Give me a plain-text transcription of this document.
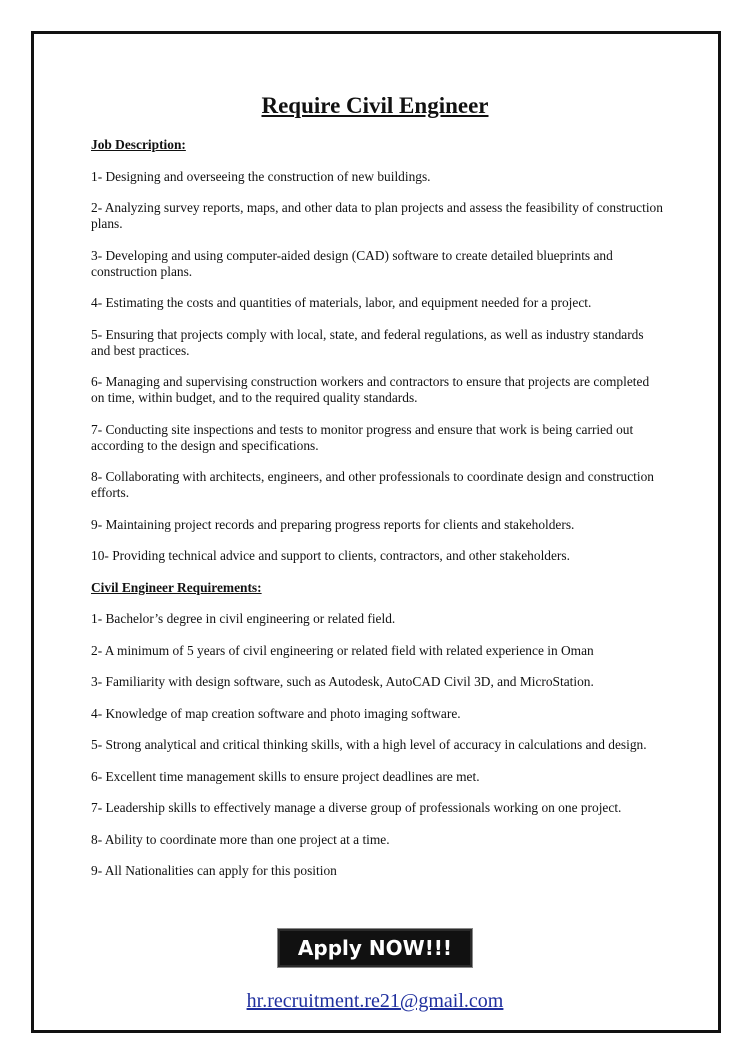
Require Civil Engineer

Job Description:

1- Designing and overseeing the construction of new buildings.
2- Analyzing survey reports, maps, and other data to plan projects and assess the feasibility of construction plans.
3- Developing and using computer-aided design (CAD) software to create detailed blueprints and construction plans.
4- Estimating the costs and quantities of materials, labor, and equipment needed for a project.
5- Ensuring that projects comply with local, state, and federal regulations, as well as industry standards and best practices.
6- Managing and supervising construction workers and contractors to ensure that projects are completed on time, within budget, and to the required quality standards.
7- Conducting site inspections and tests to monitor progress and ensure that work is being carried out according to the design and specifications.
8- Collaborating with architects, engineers, and other professionals to coordinate design and construction efforts.
9- Maintaining project records and preparing progress reports for clients and stakeholders.
10- Providing technical advice and support to clients, contractors, and other stakeholders.

Civil Engineer Requirements:

1- Bachelor’s degree in civil engineering or related field.
2- A minimum of 5 years of civil engineering or related field with related experience in Oman
3- Familiarity with design software, such as Autodesk, AutoCAD Civil 3D, and MicroStation.
4- Knowledge of map creation software and photo imaging software.
5- Strong analytical and critical thinking skills, with a high level of accuracy in calculations and design.
6- Excellent time management skills to ensure project deadlines are met.
7- Leadership skills to effectively manage a diverse group of professionals working on one project.
8- Ability to coordinate more than one project at a time.
9- All Nationalities can apply for this position
Apply NOW!!!
hr.recruitment.re21@gmail.com
